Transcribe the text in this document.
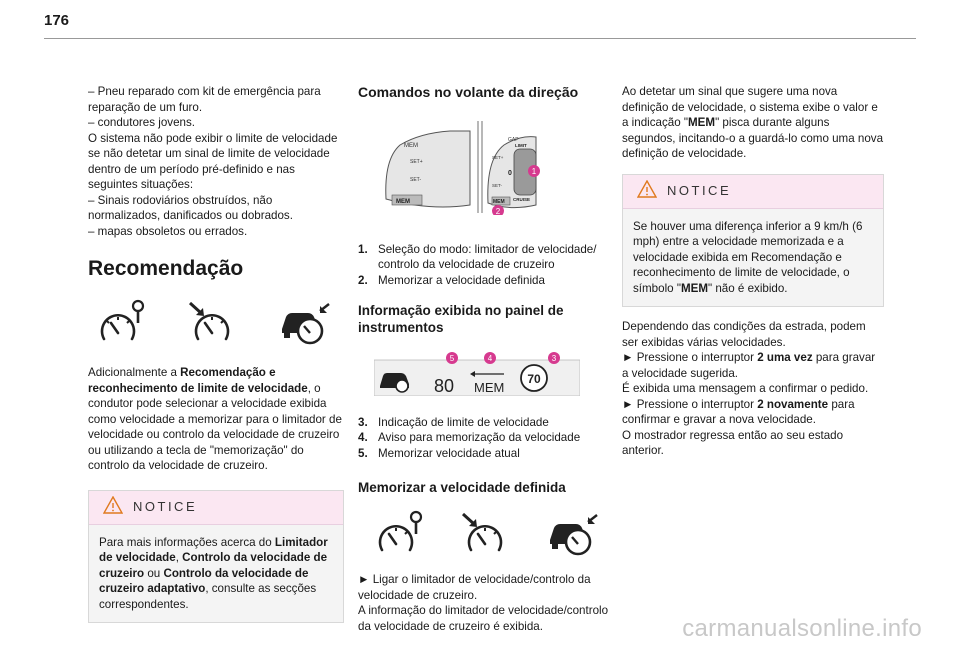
176

– Pneu reparado com kit de emergência para reparação de um furo.

– condutores jovens.

O sistema não pode exibir o limite de velocidade se não detetar um sinal de limite de velocidade dentro de um período pré-definido e nas seguintes situações:

– Sinais rodoviários obstruídos, não normalizados, danificados ou dobrados.

– mapas obsoletos ou errados.

Recomendação

Adicionalmente a Recomendação e reconhecimento de limite de velocidade, o condutor pode selecionar a velocidade exibida como velocidade a memorizar para o limitador de velocidade ou controlo da velocidade de cruzeiro ou utilizando a tecla de "memorização" do controlo da velocidade de cruzeiro.

NOTICE
Para mais informações acerca do Limitador de velocidade, Controlo da velocidade de cruzeiro ou Controlo da velocidade de cruzeiro adaptativo, consulte as secções correspondentes.
Comandos no volante da direção
MEM
SET+
SET-
MEM
GAP
LIMIT
0
CRUISE
SET+
SET-
MEM
1
2
1. Seleção do modo: limitador de velocidade/ controlo da velocidade de cruzeiro
2. Memorizar a velocidade definida
Informação exibida no painel de instrumentos
80 MEM
70
5	4	3
3. Indicação de limite de velocidade
4. Aviso para memorização da velocidade
5. Memorizar velocidade atual
Memorizar a velocidade definida

► Ligar o limitador de velocidade/controlo da velocidade de cruzeiro.

A informação do limitador de velocidade/controlo da velocidade de cruzeiro é exibida.

Ao detetar um sinal que sugere uma nova definição de velocidade, o sistema exibe o valor e a indicação "MEM" pisca durante alguns segundos, incitando-o a guardá-lo como uma nova definição de velocidade.

NOTICE
Se houver uma diferença inferior a 9 km/h (6 mph) entre a velocidade memorizada e a velocidade exibida em Recomendação e reconhecimento de limite de velocidade, o símbolo "MEM" não é exibido.

Dependendo das condições da estrada, podem ser exibidas várias velocidades.

► Pressione o interruptor 2 uma vez para gravar a velocidade sugerida.

É exibida uma mensagem a confirmar o pedido.

► Pressione o interruptor 2 novamente para confirmar e gravar a nova velocidade.

O mostrador regressa então ao seu estado anterior.

carmanualsonline.info
